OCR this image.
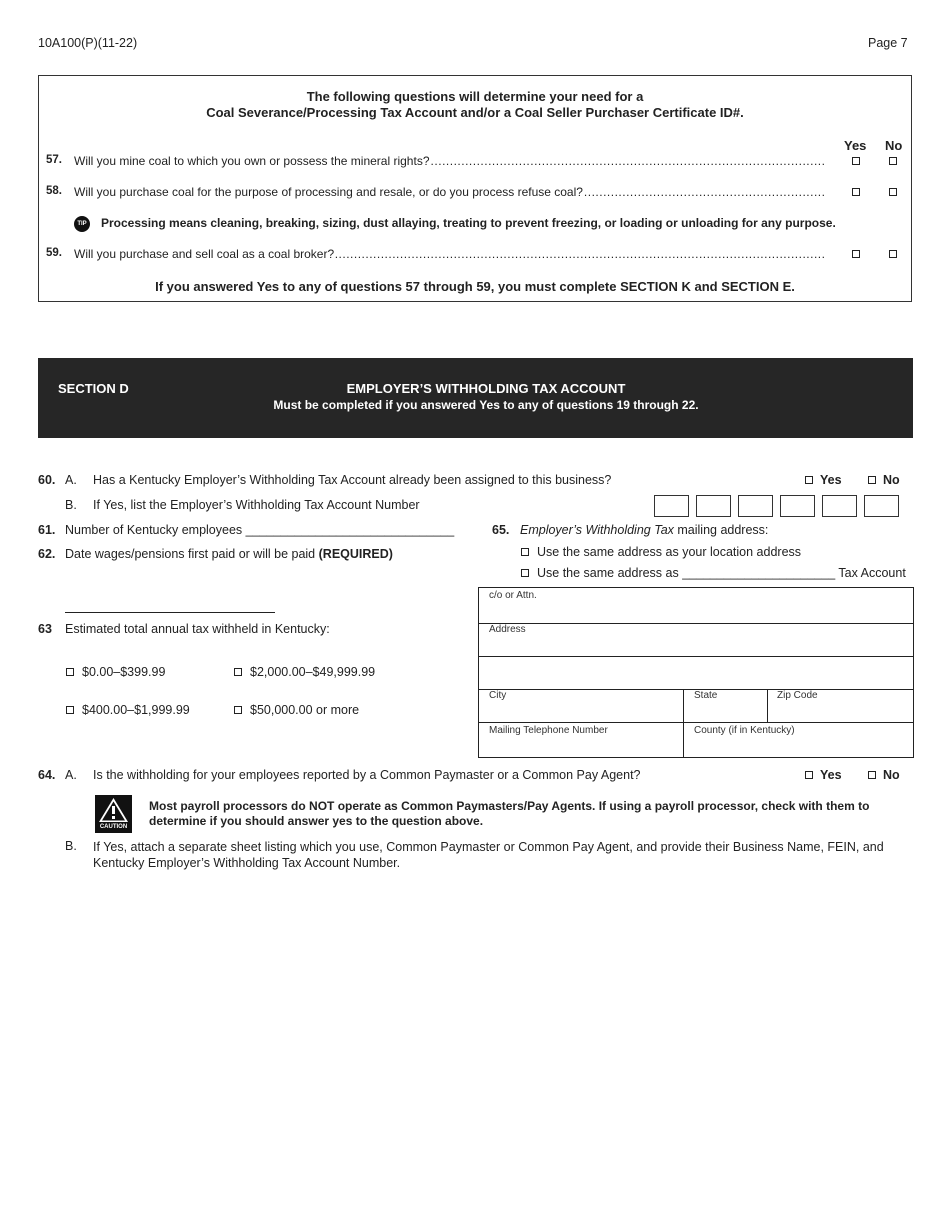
10A100(P)(11-22)	Page 7
The following questions will determine your need for a
Coal Severance/Processing Tax Account and/or a Coal Seller Purchaser Certificate ID#.
Yes No
57. Will you mine coal to which you own or possess the mineral rights?
.....
58. Will you purchase coal for the purpose of processing and resale, or do you process refuse coal?
.....
TIP Processing means cleaning, breaking, sizing, dust allaying, treating to prevent freezing, or loading or unloading for any purpose.
59. Will you purchase and sell coal as a coal broker?
.....
If you answered Yes to any of questions 57 through 59, you must complete SECTION K and SECTION E.
SECTION D	EMPLOYER’S WITHHOLDING TAX ACCOUNT
Must be completed if you answered Yes to any of questions 19 through 22.
60. A. Has a Kentucky Employer’s Withholding Tax Account already been assigned to this business?	Yes	No
B. If Yes, list the Employer’s Withholding Tax Account Number
61. Number of Kentucky employees ______________________________
62. Date wages/pensions first paid or will be paid (REQUIRED)
63 Estimated total annual tax withheld in Kentucky:
$0.00–$399.99	$2,000.00–$49,999.99
$400.00–$1,999.99	$50,000.00 or more
65. Employer’s Withholding Tax mailing address:
Use the same address as your location address
Use the same address as ______________________ Tax Account
c/o or Attn.
Address
City	State	Zip Code
Mailing Telephone Number	County (if in Kentucky)
64. A. Is the withholding for your employees reported by a Common Paymaster or a Common Pay Agent?	Yes	No
CAUTION
Most payroll processors do NOT operate as Common Paymasters/Pay Agents. If using a payroll processor, check with them to determine if you should answer yes to the question above.
B. If Yes, attach a separate sheet listing which you use, Common Paymaster or Common Pay Agent, and provide their Business Name, FEIN, and Kentucky Employer’s Withholding Tax Account Number.
